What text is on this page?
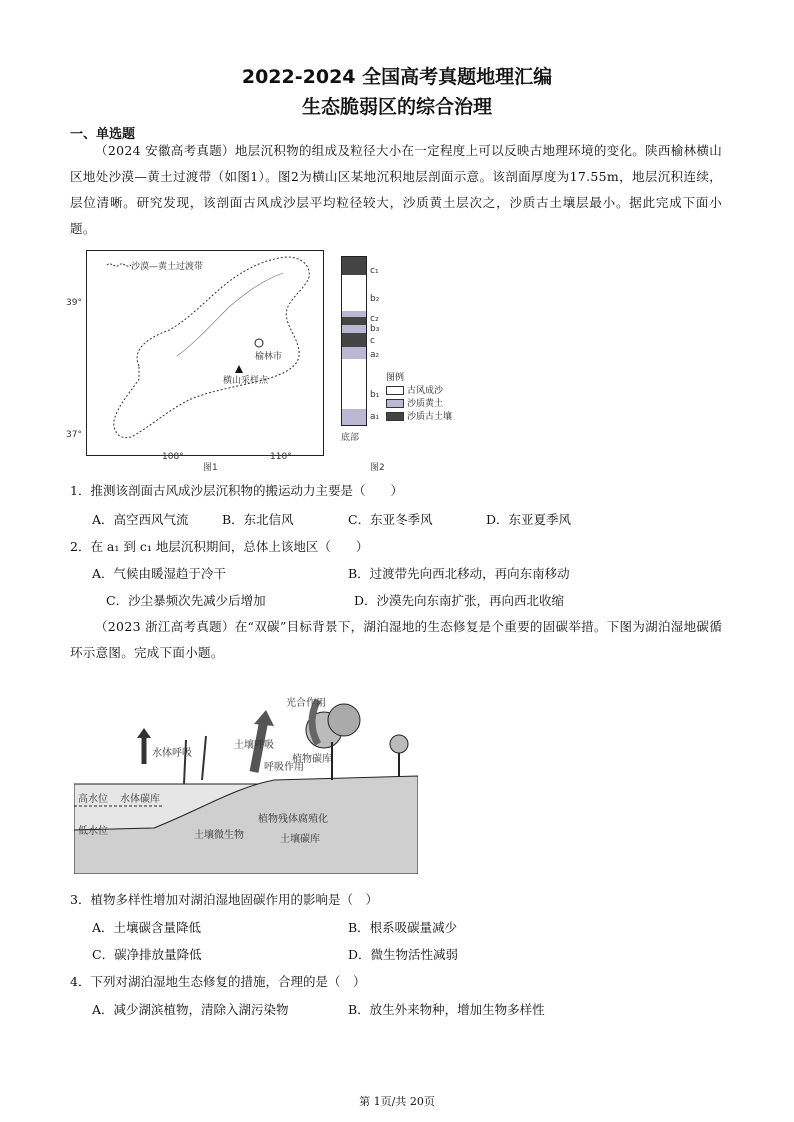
2022-2024 全国高考真题地理汇编
生态脆弱区的综合治理
一、单选题
（2024 安徽高考真题）地层沉积物的组成及粒径大小在一定程度上可以反映古地理环境的变化。陕西榆林横山区地处沙漠—黄土过渡带（如图1）。图2为横山区某地沉积地层剖面示意。该剖面厚度为17.55m，地层沉积连续，层位清晰。研究发现，该剖面古风成沙层平均粒径较大，沙质黄土层次之，沙质古土壤层最小。据此完成下面小题。
沙漠—黄土过渡带
榆林市
横山采样点
39°
37°
108°	110°
图1
c₁
b₂
c₂
b₃
c
a₂
b₁
a₁
底部
图2
图例
古风成沙
沙质黄土
沙质古土壤
1．推测该剖面古风成沙层沉积物的搬运动力主要是（　　）
A．高空西风气流	B．东北信风	C．东亚冬季风	D．东亚夏季风
2．在 a₁ 到 c₁ 地层沉积期间，总体上该地区（　　）
A．气候由暖湿趋于冷干	B．过渡带先向西北移动，再向东南移动
C．沙尘暴频次先减少后增加	D．沙漠先向东南扩张，再向西北收缩
（2023 浙江高考真题）在“双碳”目标背景下，湖泊湿地的生态修复是个重要的固碳举措。下图为湖泊湿地碳循环示意图。完成下面小题。
水体呼吸
土壤呼吸
呼吸作用
光合作用
植物碳库
高水位 水体碳库
低水位
植物残体腐殖化
土壤微生物	土壤碳库
3．植物多样性增加对湖泊湿地固碳作用的影响是（　）
A．土壤碳含量降低	B．根系吸碳量减少
C．碳净排放量降低	D．微生物活性减弱
4．下列对湖泊湿地生态修复的措施，合理的是（　）
A．减少湖滨植物，清除入湖污染物	B．放生外来物种，增加生物多样性
第 1页/共 20页
